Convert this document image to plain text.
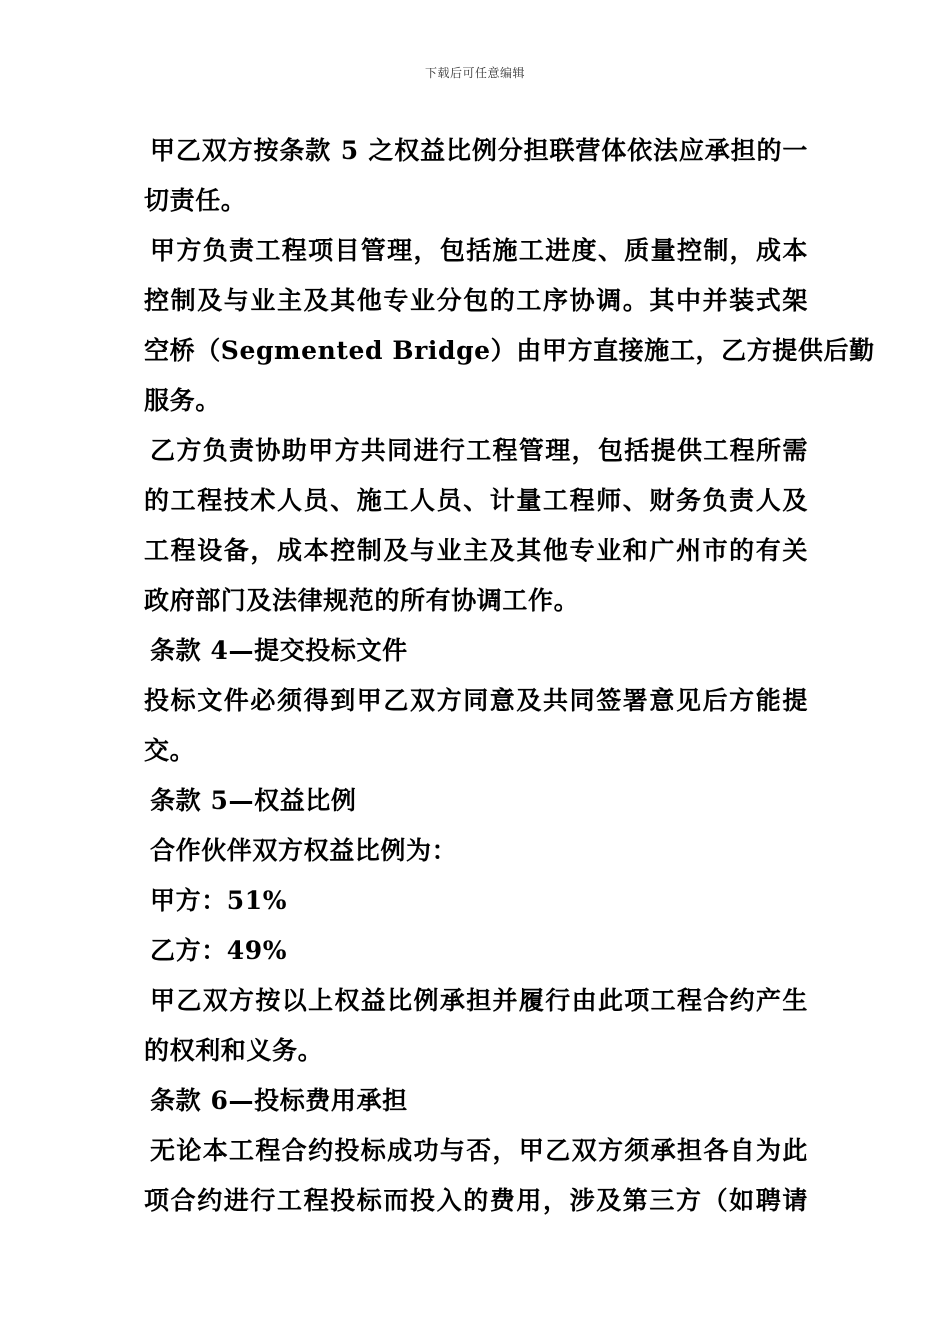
下载后可任意编辑
甲乙双方按条款 5 之权益比例分担联营体依法应承担的一
切责任。
甲方负责工程项目管理，包括施工进度、质量控制，成本
控制及与业主及其他专业分包的工序协调。其中并装式架
空桥（Segmented Bridge）由甲方直接施工，乙方提供后勤
服务。
乙方负责协助甲方共同进行工程管理，包括提供工程所需
的工程技术人员、施工人员、计量工程师、财务负责人及
工程设备，成本控制及与业主及其他专业和广州市的有关
政府部门及法律规范的所有协调工作。
条款 4—提交投标文件
投标文件必须得到甲乙双方同意及共同签署意见后方能提
交。
条款 5—权益比例
合作伙伴双方权益比例为：
甲方：51%
乙方：49%
甲乙双方按以上权益比例承担并履行由此项工程合约产生
的权利和义务。
条款 6—投标费用承担
无论本工程合约投标成功与否，甲乙双方须承担各自为此
项合约进行工程投标而投入的费用，涉及第三方（如聘请
